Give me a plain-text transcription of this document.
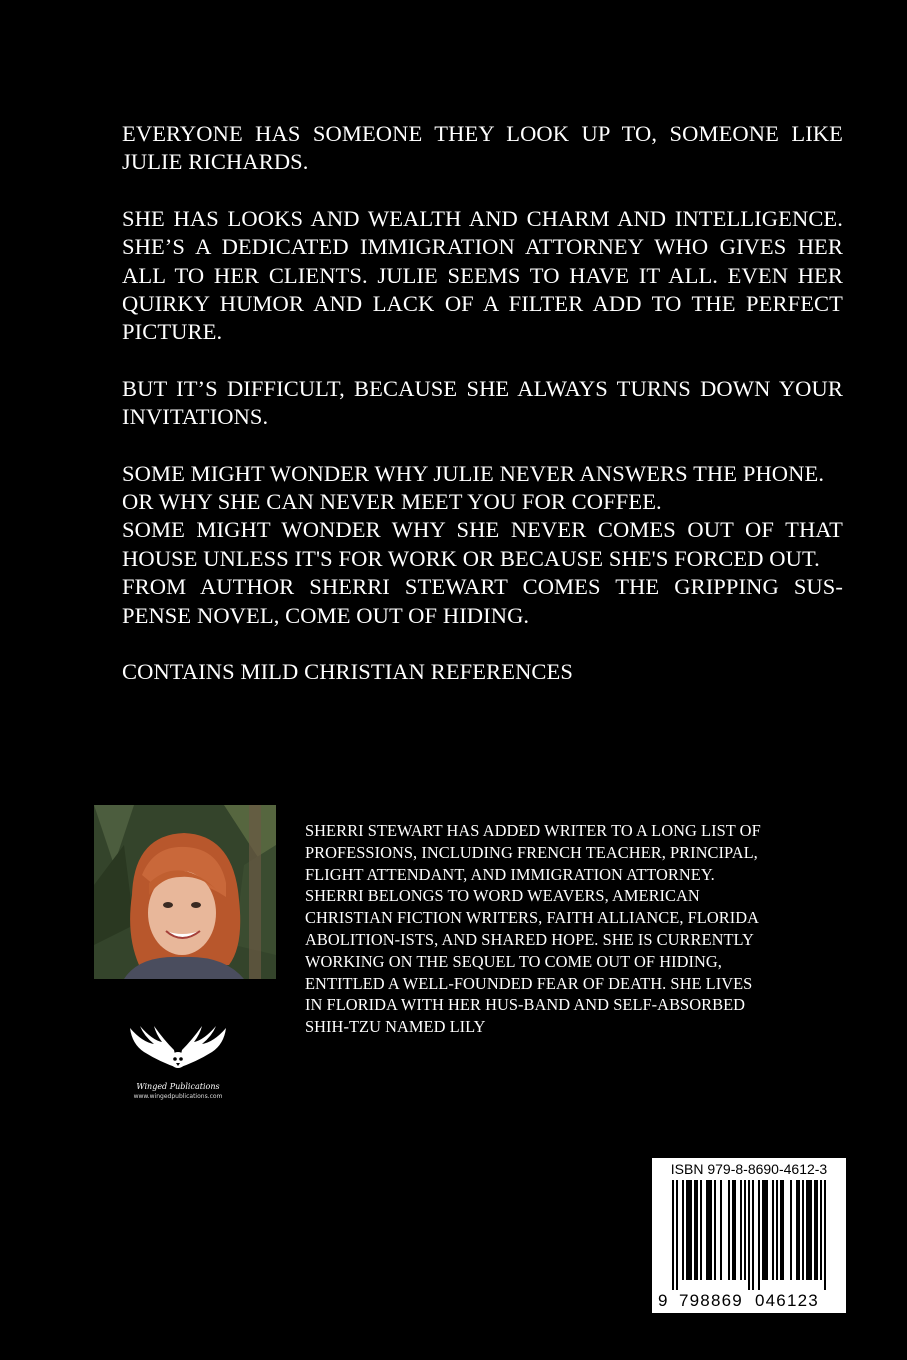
EVERYONE HAS SOMEONE THEY LOOK UP TO, SOMEONE LIKE JULIE RICHARDS.

SHE HAS LOOKS AND WEALTH AND CHARM AND INTELLIGENCE. SHE’S A DEDICATED IMMIGRATION ATTORNEY WHO GIVES HER ALL TO HER CLIENTS. JULIE SEEMS TO HAVE IT ALL. EVEN HER QUIRKY HUMOR AND LACK OF A FILTER ADD TO THE PERFECT PICTURE.

BUT IT’S DIFFICULT, BECAUSE SHE ALWAYS TURNS DOWN YOUR INVITATIONS.

SOME MIGHT WONDER WHY JULIE NEVER ANSWERS THE PHONE.

OR WHY SHE CAN NEVER MEET YOU FOR COFFEE.

SOME MIGHT WONDER WHY SHE NEVER COMES OUT OF THAT HOUSE UNLESS IT'S FOR WORK OR BECAUSE SHE'S FORCED OUT.

FROM AUTHOR SHERRI STEWART COMES THE GRIPPING SUS-PENSE NOVEL, COME OUT OF HIDING.

CONTAINS MILD CHRISTIAN REFERENCES

Winged Publications
www.wingedpublications.com
SHERRI STEWART HAS ADDED WRITER TO A LONG LIST OF PROFESSIONS, INCLUDING FRENCH TEACHER, PRINCIPAL, FLIGHT ATTENDANT, AND IMMIGRATION ATTORNEY. SHERRI BELONGS TO WORD WEAVERS, AMERICAN CHRISTIAN FICTION WRITERS, FAITH ALLIANCE, FLORIDA ABOLITION-ISTS, AND SHARED HOPE. SHE IS CURRENTLY WORKING ON THE SEQUEL TO COME OUT OF HIDING, ENTITLED A WELL-FOUNDED FEAR OF DEATH. SHE LIVES IN FLORIDA WITH HER HUS-BAND AND SELF-ABSORBED SHIH-TZU NAMED LILY
ISBN 979-8-8690-4612-3
9 798869 046123
